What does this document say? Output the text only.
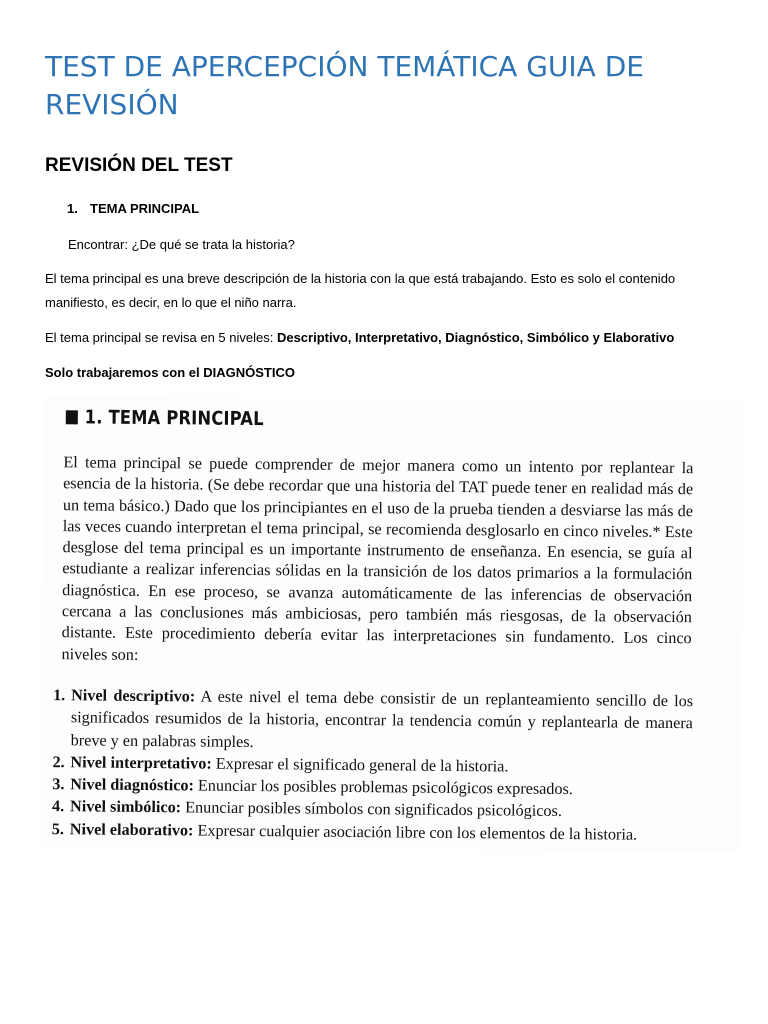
TEST DE APERCEPCIÓN TEMÁTICA GUIA DE REVISIÓN
REVISIÓN DEL TEST
1. TEMA PRINCIPAL

Encontrar: ¿De qué se trata la historia?

El tema principal es una breve descripción de la historia con la que está trabajando. Esto es solo el contenido manifiesto, es decir, en lo que el niño narra.

El tema principal se revisa en 5 niveles: Descriptivo, Interpretativo, Diagnóstico, Simbólico y Elaborativo

Solo trabajaremos con el DIAGNÓSTICO

1. TEMA PRINCIPAL
El tema principal se puede comprender de mejor manera como un intento por replantear la esencia de la historia. (Se debe recordar que una historia del TAT puede tener en realidad más de un tema básico.) Dado que los principiantes en el uso de la prueba tienden a desviarse las más de las veces cuando interpretan el tema principal, se recomienda desglosarlo en cinco niveles.* Este desglose del tema principal es un importante instrumento de enseñanza. En esencia, se guía al estudiante a realizar inferencias sólidas en la transición de los datos primarios a la formulación diagnóstica. En ese proceso, se avanza automáticamente de las inferencias de observación cercana a las conclusiones más ambiciosas, pero también más riesgosas, de la observación distante. Este procedimiento debería evitar las interpretaciones sin fundamento. Los cinco niveles son:
1. Nivel descriptivo: A este nivel el tema debe consistir de un replanteamiento sencillo de los significados resumidos de la historia, encontrar la tendencia común y replantearla de manera breve y en palabras simples.
2. Nivel interpretativo: Expresar el significado general de la historia.
3. Nivel diagnóstico: Enunciar los posibles problemas psicológicos expresados.
4. Nivel simbólico: Enunciar posibles símbolos con significados psicológicos.
5. Nivel elaborativo: Expresar cualquier asociación libre con los elementos de la historia.
